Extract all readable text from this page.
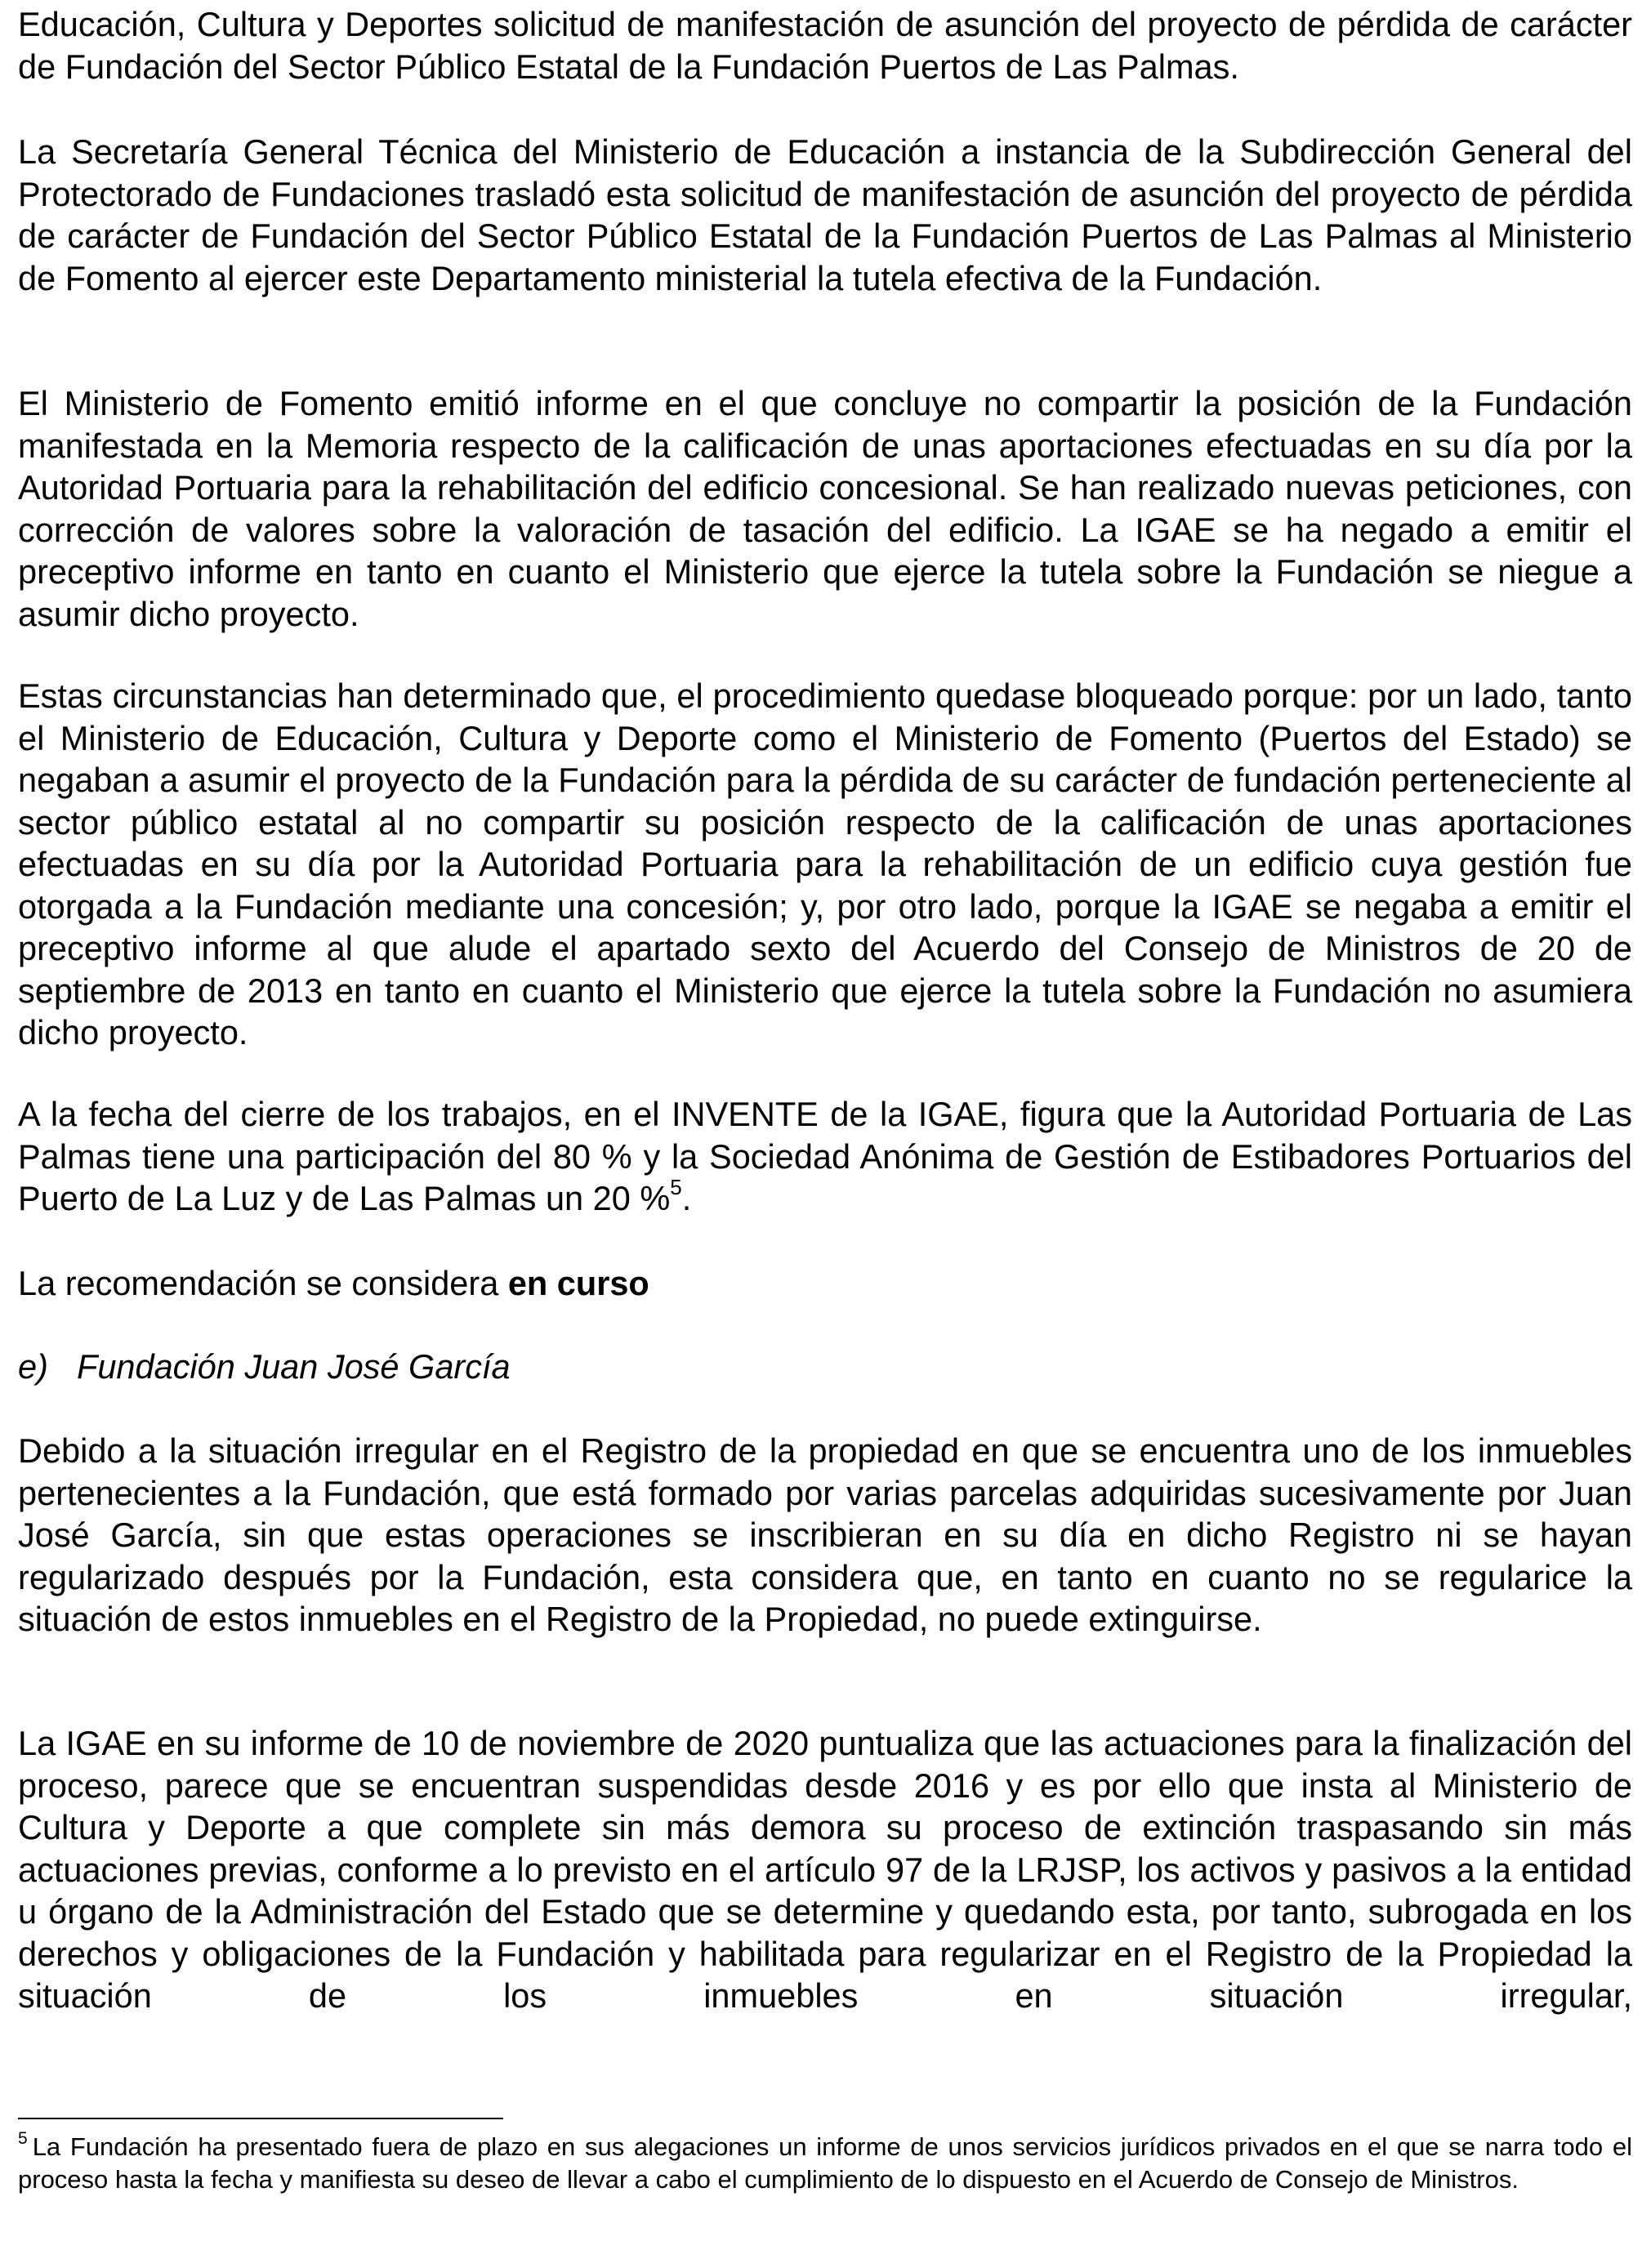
Educación, Cultura y Deportes solicitud de manifestación de asunción del proyecto de pérdida de carácter de Fundación del Sector Público Estatal de la Fundación Puertos de Las Palmas.

La Secretaría General Técnica del Ministerio de Educación a instancia de la Subdirección General del Protectorado de Fundaciones trasladó esta solicitud de manifestación de asunción del proyecto de pérdida de carácter de Fundación del Sector Público Estatal de la Fundación Puertos de Las Palmas al Ministerio de Fomento al ejercer este Departamento ministerial la tutela efectiva de la Fundación.

El Ministerio de Fomento emitió informe en el que concluye no compartir la posición de la Fundación manifestada en la Memoria respecto de la calificación de unas aportaciones efectuadas en su día por la Autoridad Portuaria para la rehabilitación del edificio concesional. Se han realizado nuevas peticiones, con corrección de valores sobre la valoración de tasación del edificio. La IGAE se ha negado a emitir el preceptivo informe en tanto en cuanto el Ministerio que ejerce la tutela sobre la Fundación se niegue a asumir dicho proyecto.

Estas circunstancias han determinado que, el procedimiento quedase bloqueado porque: por un lado, tanto el Ministerio de Educación, Cultura y Deporte como el Ministerio de Fomento (Puertos del Estado) se negaban a asumir el proyecto de la Fundación para la pérdida de su carácter de fundación perteneciente al sector público estatal al no compartir su posición respecto de la calificación de unas aportaciones efectuadas en su día por la Autoridad Portuaria para la rehabilitación de un edificio cuya gestión fue otorgada a la Fundación mediante una concesión; y, por otro lado, porque la IGAE se negaba a emitir el preceptivo informe al que alude el apartado sexto del Acuerdo del Consejo de Ministros de 20 de septiembre de 2013 en tanto en cuanto el Ministerio que ejerce la tutela sobre la Fundación no asumiera dicho proyecto.

A la fecha del cierre de los trabajos, en el INVENTE de la IGAE, figura que la Autoridad Portuaria de Las Palmas tiene una participación del 80 % y la Sociedad Anónima de Gestión de Estibadores Portuarios del Puerto de La Luz y de Las Palmas un 20 %$^5$.

La recomendación se considera en curso

e) Fundación Juan José García

Debido a la situación irregular en el Registro de la propiedad en que se encuentra uno de los inmuebles pertenecientes a la Fundación, que está formado por varias parcelas adquiridas sucesivamente por Juan José García, sin que estas operaciones se inscribieran en su día en dicho Registro ni se hayan regularizado después por la Fundación, esta considera que, en tanto en cuanto no se regularice la situación de estos inmuebles en el Registro de la Propiedad, no puede extinguirse.

La IGAE en su informe de 10 de noviembre de 2020 puntualiza que las actuaciones para la finalización del proceso, parece que se encuentran suspendidas desde 2016 y es por ello que insta al Ministerio de Cultura y Deporte a que complete sin más demora su proceso de extinción traspasando sin más actuaciones previas, conforme a lo previsto en el artículo 97 de la LRJSP, los activos y pasivos a la entidad u órgano de la Administración del Estado que se determine y quedando esta, por tanto, subrogada en los derechos y obligaciones de la Fundación y habilitada para regularizar en el Registro de la Propiedad la situación de los inmuebles en situación irregular,

$^5$ La Fundación ha presentado fuera de plazo en sus alegaciones un informe de unos servicios jurídicos privados en el que se narra todo el proceso hasta la fecha y manifiesta su deseo de llevar a cabo el cumplimiento de lo dispuesto en el Acuerdo de Consejo de Ministros.
